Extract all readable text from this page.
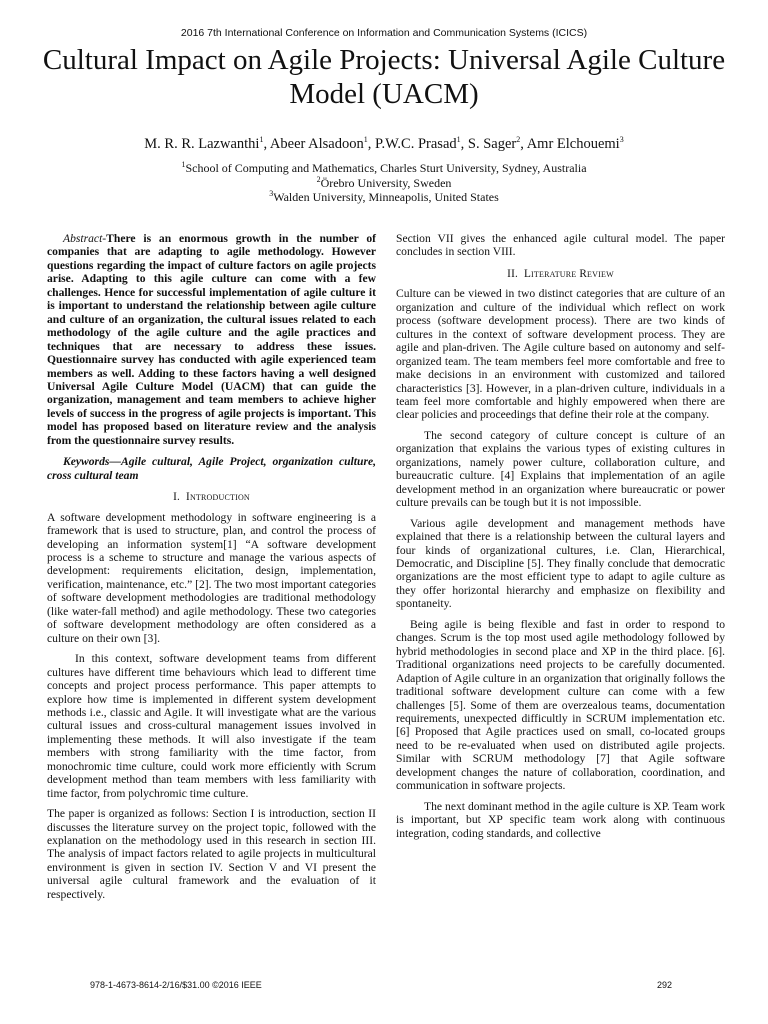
2016 7th International Conference on Information and Communication Systems (ICICS)
Cultural Impact on Agile Projects: Universal Agile Culture Model (UACM)
M. R. R. Lazwanthi$^1$, Abeer Alsadoon$^1$, P.W.C. Prasad$^1$, S. Sager$^2$, Amr Elchouemi$^3$
$^1$School of Computing and Mathematics, Charles Sturt University, Sydney, Australia
$^2$Örebro University, Sweden
$^3$Walden University, Minneapolis, United States

Abstract-There is an enormous growth in the number of companies that are adapting to agile methodology. However questions regarding the impact of culture factors on agile projects arise. Adapting to this agile culture can come with a few challenges. Hence for successful implementation of agile culture it is important to understand the relationship between agile culture and culture of an organization, the cultural issues related to each methodology of the agile culture and the agile practices and techniques that are necessary to address these issues. Questionnaire survey has conducted with agile experienced team members as well. Adding to these factors having a well designed Universal Agile Culture Model (UACM) that can guide the organization, management and team members to achieve higher levels of success in the progress of agile projects is important. This model has proposed based on literature review and the analysis from the questionnaire survey results.

Keywords—Agile cultural, Agile Project, organization culture, cross cultural team

I. Introduction

A software development methodology in software engineering is a framework that is used to structure, plan, and control the process of developing an information system[1] “A software development process is a scheme to structure and manage the various aspects of development: requirements elicitation, design, implementation, verification, maintenance, etc.” [2]. The two most important categories of software development methodologies are traditional methodology (like water-fall method) and agile methodology. These two categories of software development methodology are often considered as a culture on their own [3].

In this context, software development teams from different cultures have different time behaviours which lead to different time concepts and project process performance. This paper attempts to explore how time is implemented in different system development methods i.e., classic and Agile. It will investigate what are the various cultural issues and cross-cultural management issues involved in implementing these methods. It will also investigate if the team members with strong familiarity with the time factor, from monochromic time culture, could work more efficiently with Scrum development method than team members with less familiarity with time factor, from polychromic time culture.

The paper is organized as follows: Section I is introduction, section II discusses the literature survey on the project topic, followed with the explanation on the methodology used in this research in section III. The analysis of impact factors related to agile projects in multicultural environment is given in section IV. Section V and VI present the universal agile cultural framework and the evaluation of it respectively.

Section VII gives the enhanced agile cultural model. The paper concludes in section VIII.

II. Literature Review

Culture can be viewed in two distinct categories that are culture of an organization and culture of the individual which reflect on work process (software development process). There are two kinds of cultures in the context of software development process. They are agile and plan-driven. The Agile culture based on autonomy and self-organized team. The team members feel more comfortable and free to make decisions in an environment with customized and tailored characteristics [3]. However, in a plan-driven culture, individuals in a team feel more comfortable and highly empowered when there are clear policies and proceedings that define their role at the company.

The second category of culture concept is culture of an organization that explains the various types of existing cultures in organizations, namely power culture, collaboration culture, and bureaucratic culture. [4] Explains that implementation of an agile development method in an organization where bureaucratic or power culture prevails can be tough but it is not impossible.

Various agile development and management methods have explained that there is a relationship between the cultural layers and four kinds of organizational cultures, i.e. Clan, Hierarchical, Democratic, and Discipline [5]. They finally conclude that democratic organizations are the most efficient type to adapt to agile culture as they offer horizontal hierarchy and emphasize on flexibility and spontaneity.

Being agile is being flexible and fast in order to respond to changes. Scrum is the top most used agile methodology followed by hybrid methodologies in second place and XP in the third place. [6]. Traditional organizations need projects to be carefully documented. Adaption of Agile culture in an organization that originally follows the traditional software development culture can come with a few challenges [5]. Some of them are overzealous teams, documentation requirements, unexpected difficultly in SCRUM implementation etc. [6] Proposed that Agile practices used on small, co-located groups need to be re-evaluated when used on distributed agile projects. Similar with SCRUM methodology [7] that Agile software development changes the nature of collaboration, coordination, and communication in software projects.

The next dominant method in the agile culture is XP. Team work is important, but XP specific team work along with continuous integration, coding standards, and collective

978-1-4673-8614-2/16/$31.00 ©2016 IEEE	292
